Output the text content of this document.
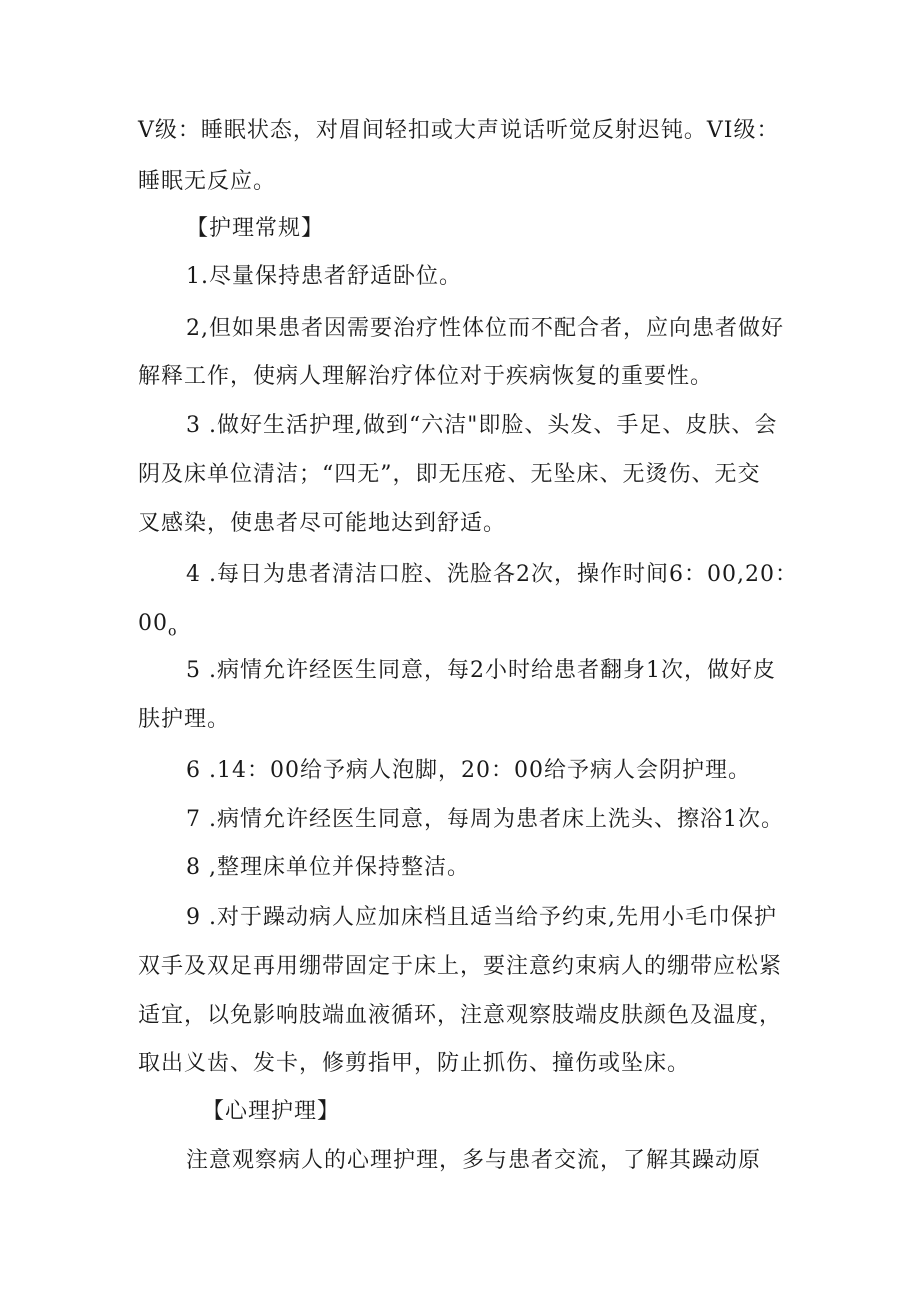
V级：睡眠状态，对眉间轻扣或大声说话听觉反射迟钝。VI级：
睡眠无反应。
【护理常规】
1.尽量保持患者舒适卧位。
2,但如果患者因需要治疗性体位而不配合者，应向患者做好
解释工作，使病人理解治疗体位对于疾病恢复的重要性。
3 .做好生活护理,做到“六洁"即脸、头发、手足、皮肤、会
阴及床单位清洁；“四无”，即无压疮、无坠床、无烫伤、无交
叉感染，使患者尽可能地达到舒适。
4 .每日为患者清洁口腔、洗脸各2次，操作时间6：00,20：
$00_o$
5 .病情允许经医生同意，每2小时给患者翻身1次，做好皮
肤护理。
6 .14：00给予病人泡脚，20：00给予病人会阴护理。
7 .病情允许经医生同意，每周为患者床上洗头、擦浴1次。
8 ,整理床单位并保持整洁。
9 .对于躁动病人应加床档且适当给予约束,先用小毛巾保护
双手及双足再用绷带固定于床上，要注意约束病人的绷带应松紧
适宜，以免影响肢端血液循环，注意观察肢端皮肤颜色及温度，
取出义齿、发卡，修剪指甲，防止抓伤、撞伤或坠床。
【心理护理】
注意观察病人的心理护理，多与患者交流，了解其躁动原
